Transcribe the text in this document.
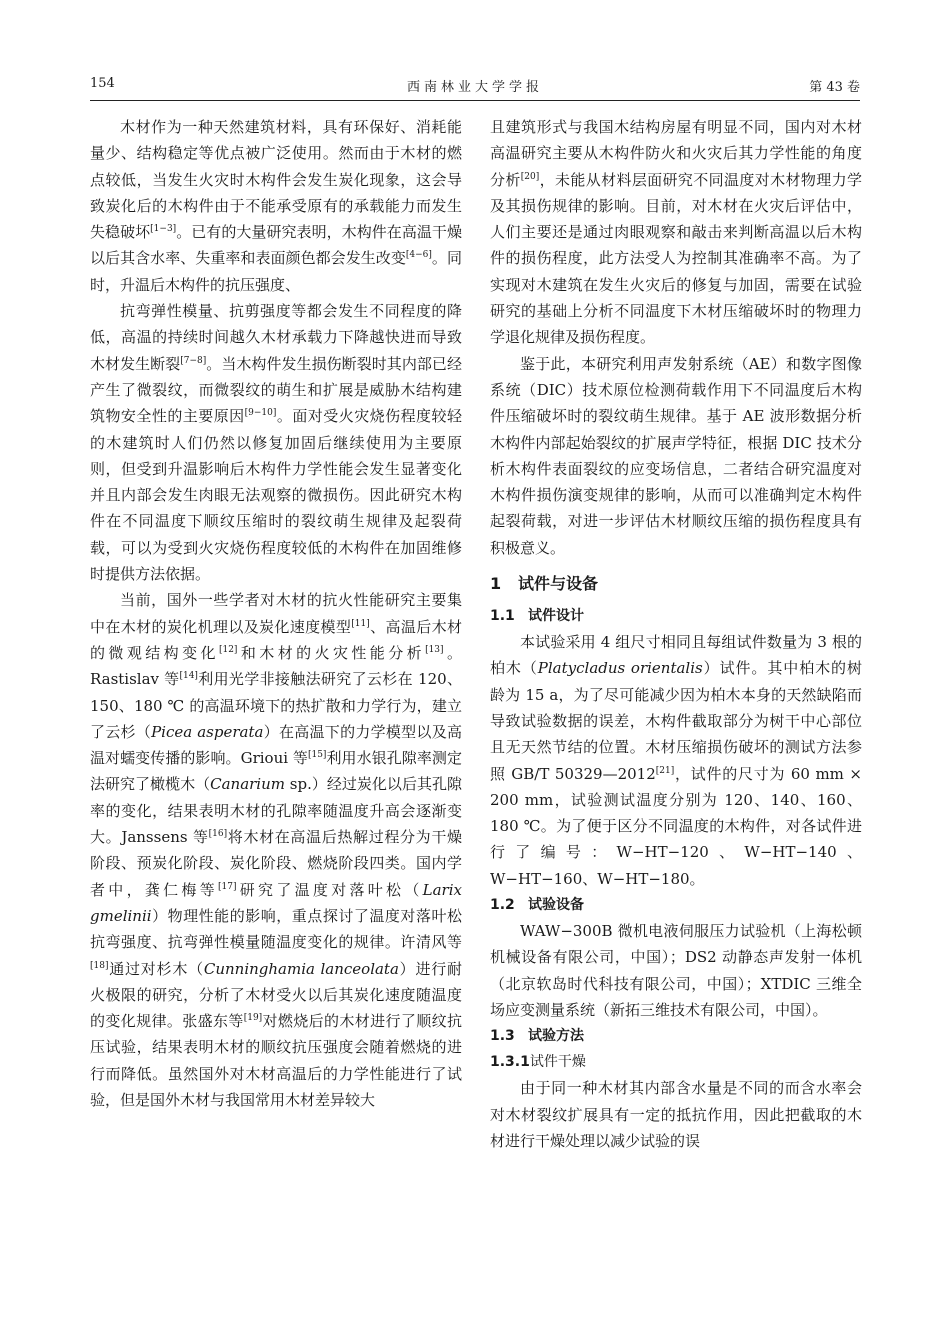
154	西南林业大学学报	第 43 卷

木材作为一种天然建筑材料，具有环保好、消耗能量少、结构稳定等优点被广泛使用。然而由于木材的燃点较低，当发生火灾时木构件会发生炭化现象，这会导致炭化后的木构件由于不能承受原有的承载能力而发生失稳破坏[1−3]。已有的大量研究表明，木构件在高温干燥以后其含水率、失重率和表面颜色都会发生改变[4−6]。同时，升温后木构件的抗压强度、

抗弯弹性模量、抗剪强度等都会发生不同程度的降低，高温的持续时间越久木材承载力下降越快进而导致木材发生断裂[7−8]。当木构件发生损伤断裂时其内部已经产生了微裂纹，而微裂纹的萌生和扩展是威胁木结构建筑物安全性的主要原因[9−10]。面对受火灾烧伤程度较轻的木建筑时人们仍然以修复加固后继续使用为主要原则，但受到升温影响后木构件力学性能会发生显著变化并且内部会发生肉眼无法观察的微损伤。因此研究木构件在不同温度下顺纹压缩时的裂纹萌生规律及起裂荷载，可以为受到火灾烧伤程度较低的木构件在加固维修时提供方法依据。

当前，国外一些学者对木材的抗火性能研究主要集中在木材的炭化机理以及炭化速度模型[11]、高温后木材的微观结构变化[12]和木材的火灾性能分析[13]。Rastislav 等[14]利用光学非接触法研究了云杉在 120、150、180 ℃ 的高温环境下的热扩散和力学行为，建立了云杉（Picea asperata）在高温下的力学模型以及高温对蠕变传播的影响。Grioui 等[15]利用水银孔隙率测定法研究了橄榄木（Canarium sp.）经过炭化以后其孔隙率的变化，结果表明木材的孔隙率随温度升高会逐渐变大。Janssens 等[16]将木材在高温后热解过程分为干燥阶段、预炭化阶段、炭化阶段、燃烧阶段四类。国内学者中，龚仁梅等[17]研究了温度对落叶松（Larix gmelinii）物理性能的影响，重点探讨了温度对落叶松抗弯强度、抗弯弹性模量随温度变化的规律。许清风等[18]通过对杉木（Cunninghamia lanceolata）进行耐火极限的研究，分析了木材受火以后其炭化速度随温度的变化规律。张盛东等[19]对燃烧后的木材进行了顺纹抗压试验，结果表明木材的顺纹抗压强度会随着燃烧的进行而降低。虽然国外对木材高温后的力学性能进行了试验，但是国外木材与我国常用木材差异较大

且建筑形式与我国木结构房屋有明显不同，国内对木材高温研究主要从木构件防火和火灾后其力学性能的角度分析[20]，未能从材料层面研究不同温度对木材物理力学及其损伤规律的影响。目前，对木材在火灾后评估中，人们主要还是通过肉眼观察和敲击来判断高温以后木构件的损伤程度，此方法受人为控制其准确率不高。为了实现对木建筑在发生火灾后的修复与加固，需要在试验研究的基础上分析不同温度下木材压缩破坏时的物理力学退化规律及损伤程度。

鉴于此，本研究利用声发射系统（AE）和数字图像系统（DIC）技术原位检测荷载作用下不同温度后木构件压缩破坏时的裂纹萌生规律。基于 AE 波形数据分析木构件内部起始裂纹的扩展声学特征，根据 DIC 技术分析木构件表面裂纹的应变场信息，二者结合研究温度对木构件损伤演变规律的影响，从而可以准确判定木构件起裂荷载，对进一步评估木材顺纹压缩的损伤程度具有积极意义。

1 试件与设备
1.1 试件设计

本试验采用 4 组尺寸相同且每组试件数量为 3 根的柏木（Platycladus orientalis）试件。其中柏木的树龄为 15 a，为了尽可能减少因为柏木本身的天然缺陷而导致试验数据的误差，木构件截取部分为树干中心部位且无天然节结的位置。木材压缩损伤破坏的测试方法参照 GB/T 50329—2012[21]，试件的尺寸为 60 mm × 200 mm，试验测试温度分别为 120、140、160、180 ℃。为了便于区分不同温度的木构件，对各试件进行了编号：W−HT−120、W−HT−140、W−HT−160、W−HT−180。

1.2 试验设备

WAW−300B 微机电液伺服压力试验机（上海松顿机械设备有限公司，中国）；DS2 动静态声发射一体机（北京软岛时代科技有限公司，中国）；XTDIC 三维全场应变测量系统（新拓三维技术有限公司，中国）。

1.3 试验方法
1.3.1试件干燥

由于同一种木材其内部含水量是不同的而含水率会对木材裂纹扩展具有一定的抵抗作用，因此把截取的木材进行干燥处理以减少试验的误
